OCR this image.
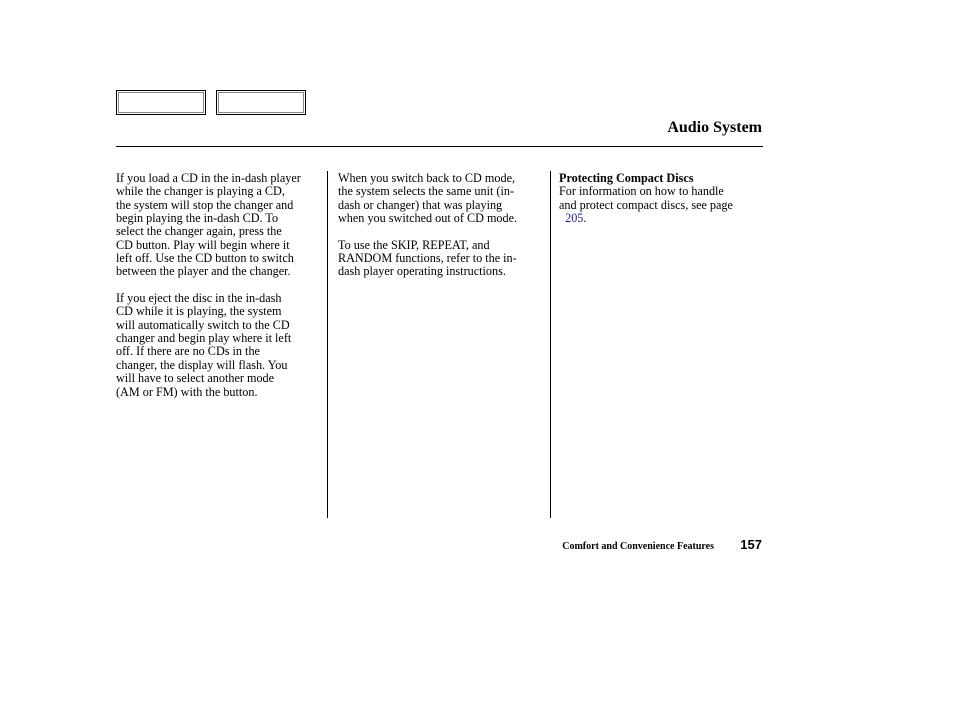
Audio System

If you load a CD in the in-dash player
while the changer is playing a CD,
the system will stop the changer and
begin playing the in-dash CD. To
select the changer again, press the
CD button. Play will begin where it
left off. Use the CD button to switch
between the player and the changer.

If you eject the disc in the in-dash
CD while it is playing, the system
will automatically switch to the CD
changer and begin play where it left
off. If there are no CDs in the
changer, the display will flash. You
will have to select another mode
(AM or FM) with the button.

When you switch back to CD mode,
the system selects the same unit (in-
dash or changer) that was playing
when you switched out of CD mode.

To use the SKIP, REPEAT, and
RANDOM functions, refer to the in-
dash player operating instructions.

Protecting Compact Discs
For information on how to handle
and protect compact discs, see page
205.

Comfort and Convenience Features 157
